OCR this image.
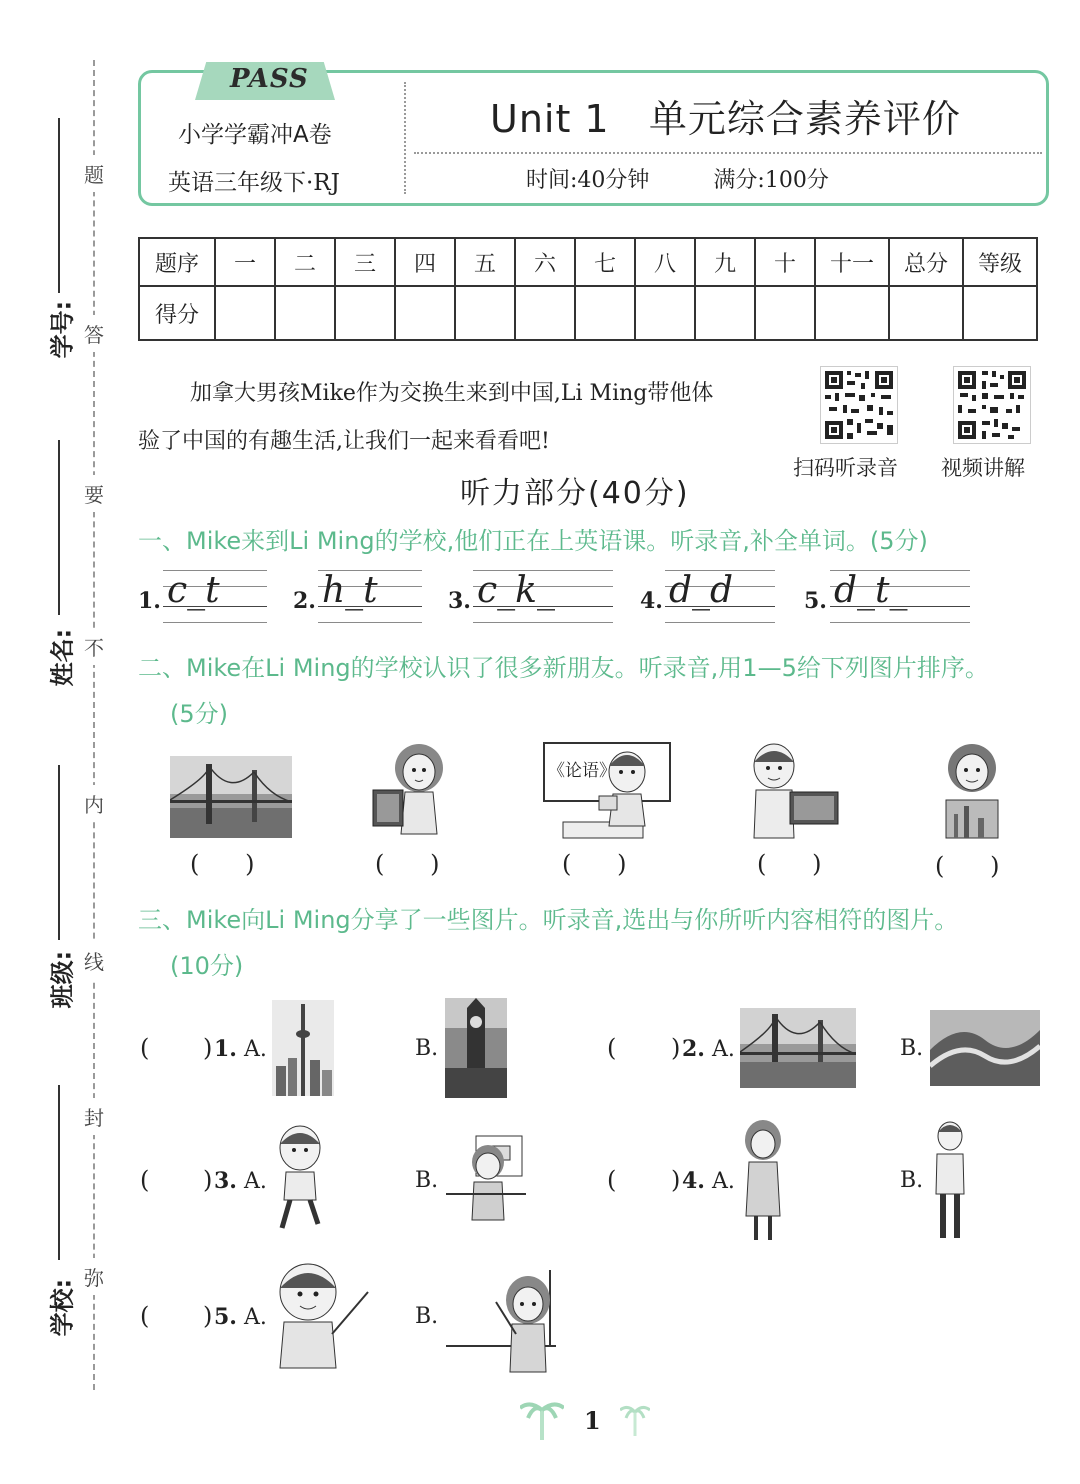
学号:
姓名:
班级:
学校:
题
答
要
不
内
线
封
弥
PASS
小学学霸冲A卷
英语三年级下·RJ
Unit 1   单元综合素养评价
时间:40分钟	满分:100分
题序	一	二	三	四	五	六	七	八	九	十	十一	总分	等级
得分													
加拿大男孩Mike作为交换生来到中国,Li Ming带他体
验了中国的有趣生活,让我们一起来看看吧!
扫码听录音 视频讲解
听力部分(40分)
一、Mike来到Li Ming的学校,他们正在上英语课。听录音,补全单词。(5分)
1. c_t	2. h_t	3. c_k_	4. d_d	5. d_t_
二、Mike在Li Ming的学校认识了很多新朋友。听录音,用1—5给下列图片排序。
(5分)
《论语》
(      )	(      )	(      )	(      )	(      )
三、Mike向Li Ming分享了一些图片。听录音,选出与你所听内容相符的图片。
(10分)
( ) 1. A.	B.	( ) 2. A.	B.
( ) 3. A.	B.	( ) 4. A.	B.
( ) 5. A.	B.
1
